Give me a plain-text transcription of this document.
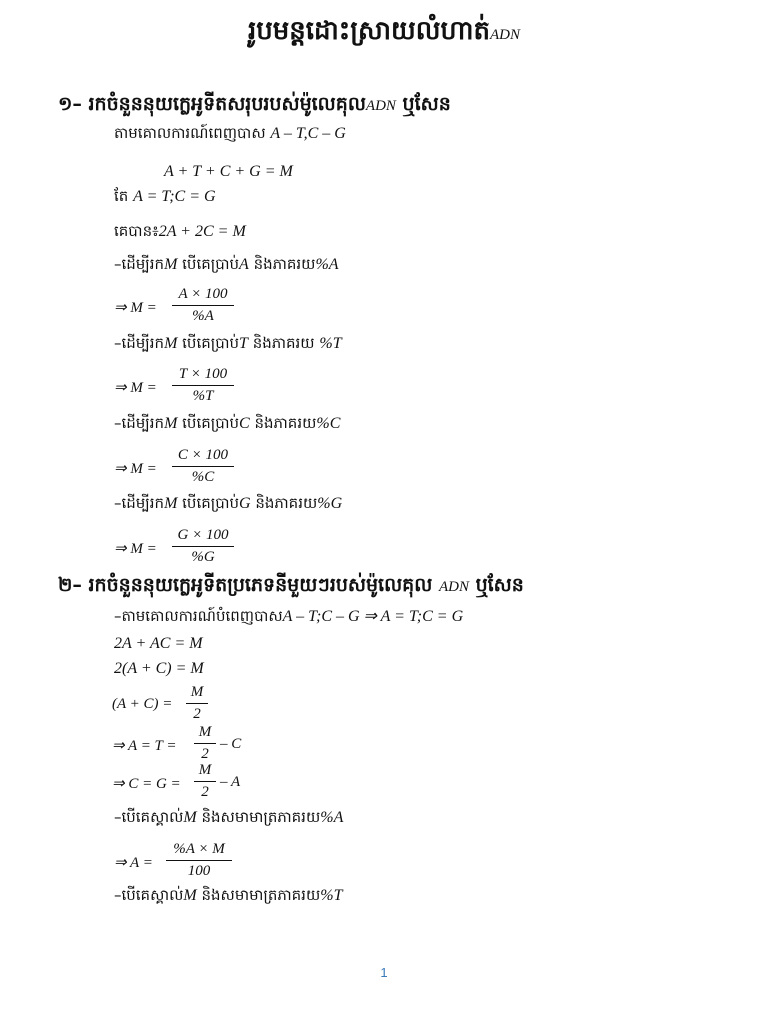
រូបមន្តដោះស្រាយលំហាត់ADN
១– រកចំនួននុយក្លេអូទីតសរុបរបស់ម៉ូលេគុលADN ឬសែន
តាមគោលការណ៍ពេញបាស A – T,C – G
A + T + C + G = M
តែ A = T;C = G
គេបាន៖2A + 2C = M
–ដើម្បីរកM បើគេប្រាប់A និងភាគរយ%A
⇒ M =
A × 100
%A
–ដើម្បីរកM បើគេប្រាប់T និងភាគរយ %T
⇒ M =
T × 100
%T
–ដើម្បីរកM បើគេប្រាប់C និងភាគរយ%C
⇒ M =
C × 100
%C
–ដើម្បីរកM បើគេប្រាប់G និងភាគរយ%G
⇒ M =
G × 100
%G
២– រកចំនួននុយក្លេអូទីតប្រភេទនីមួយៗរបស់ម៉ូលេគុល ADN ឬសែន
–តាមគោលការណ៍បំពេញបាសA – T;C – G ⇒ A = T;C = G
2A + AC = M
2(A + C) = M
(A + C) =
M
2
⇒ A = T =
M
2
– C
⇒ C = G =
M
2
– A
–បើគេស្គាល់M និងសមាមាត្រភាគរយ%A
⇒ A =
%A × M
100
–បើគេស្គាល់M និងសមាមាត្រភាគរយ%T
1
